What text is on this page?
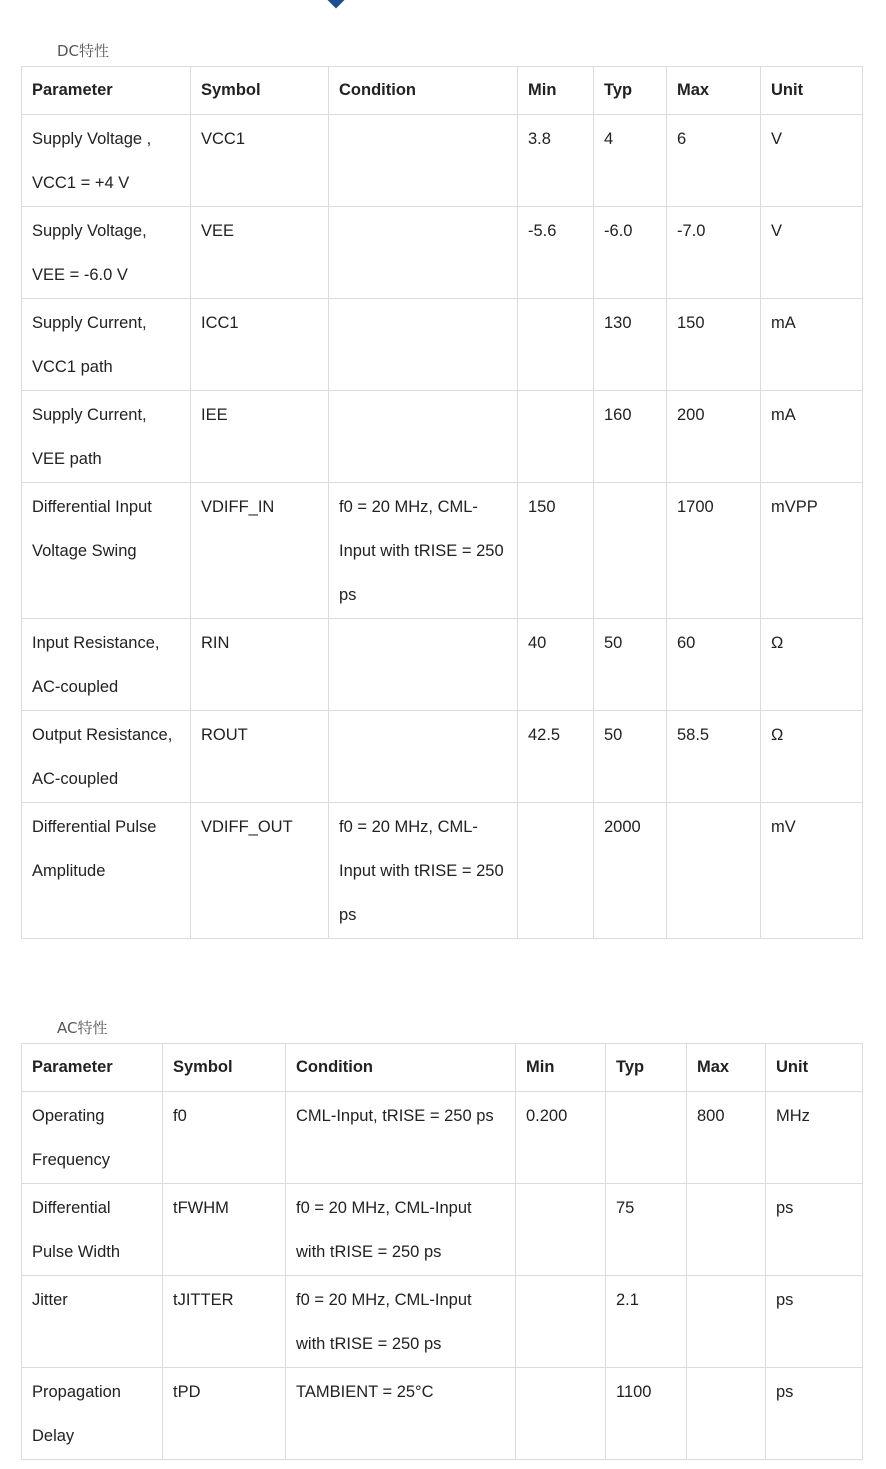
DC特性
Parameter	Symbol	Condition	Min	Typ	Max	Unit
Supply Voltage , VCC1 = +4 V	VCC1		3.8	4	6	V
Supply Voltage, VEE = -6.0 V	VEE		-5.6	-6.0	-7.0	V
Supply Current, VCC1 path	ICC1			130	150	mA
Supply Current, VEE path	IEE			160	200	mA
Differential Input Voltage Swing	VDIFF_IN	f0 = 20 MHz, CML-Input with tRISE = 250 ps	150		1700	mVPP
Input Resistance, AC-coupled	RIN		40	50	60	Ω
Output Resistance, AC-coupled	ROUT		42.5	50	58.5	Ω
Differential Pulse Amplitude	VDIFF_OUT	f0 = 20 MHz, CML-Input with tRISE = 250 ps		2000		mV
AC特性
Parameter	Symbol	Condition	Min	Typ	Max	Unit
Operating Frequency	f0	CML-Input, tRISE = 250 ps	0.200		800	MHz
Differential Pulse Width	tFWHM	f0 = 20 MHz, CML-Input with tRISE = 250 ps		75		ps
Jitter	tJITTER	f0 = 20 MHz, CML-Input with tRISE = 250 ps		2.1		ps
Propagation Delay	tPD	TAMBIENT = 25°C		1100		ps
